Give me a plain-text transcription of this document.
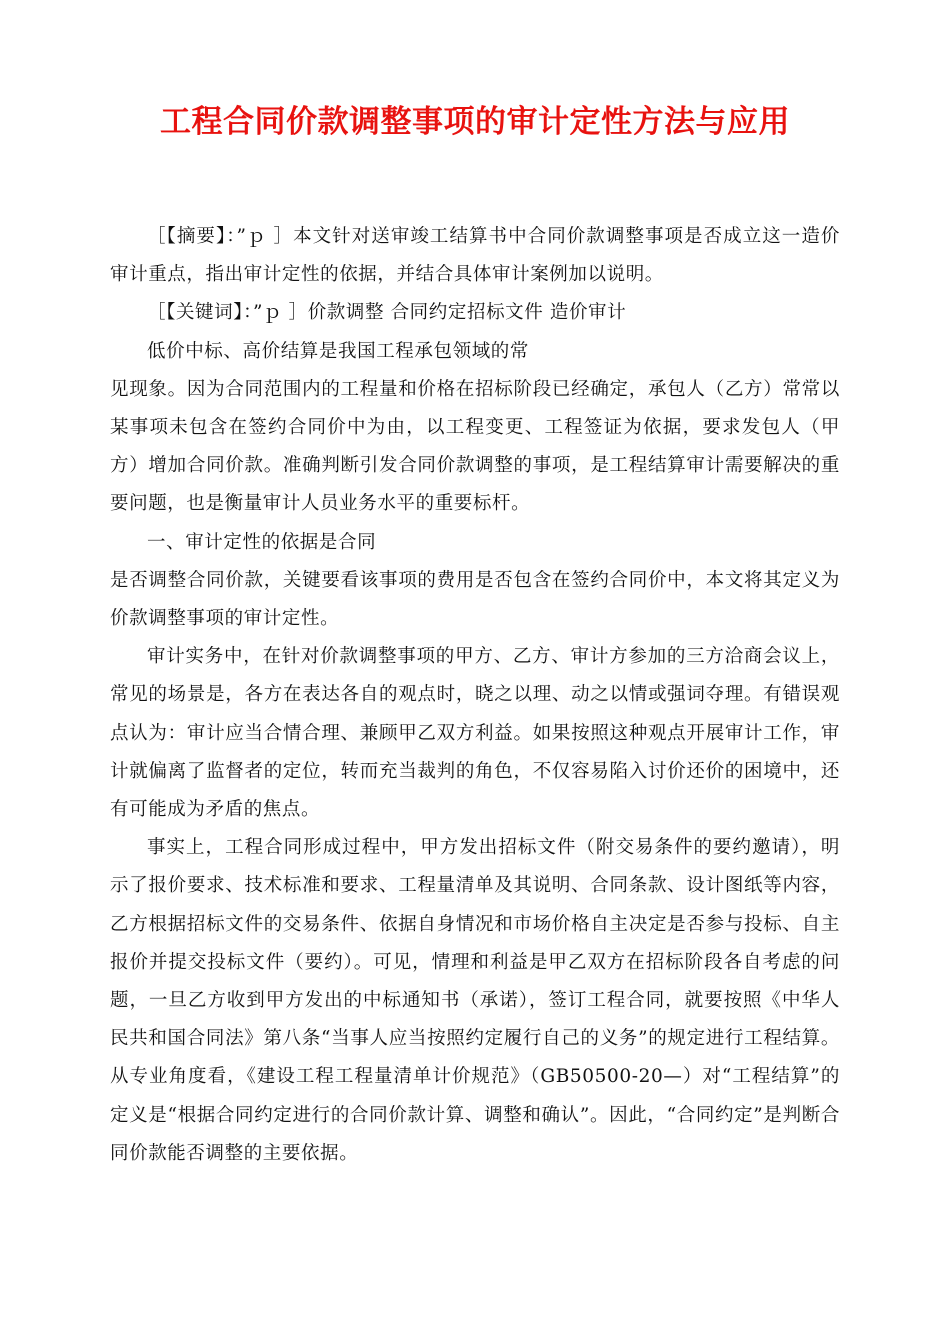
工程合同价款调整事项的审计定性方法与应用

［【摘要】：”ｐ ］本文针对送审竣工结算书中合同价款调整事项是否成立这一造价审计重点，指出审计定性的依据，并结合具体审计案例加以说明。

［【关键词】：”ｐ ］价款调整 合同约定招标文件 造价审计

低价中标、高价结算是我国工程承包领域的常

见现象。因为合同范围内的工程量和价格在招标阶段已经确定，承包人（乙方）常常以某事项未包含在签约合同价中为由，以工程变更、工程签证为依据，要求发包人（甲方）增加合同价款。准确判断引发合同价款调整的事项，是工程结算审计需要解决的重要问题，也是衡量审计人员业务水平的重要标杆。

一、审计定性的依据是合同

是否调整合同价款，关键要看该事项的费用是否包含在签约合同价中，本文将其定义为价款调整事项的审计定性。

审计实务中，在针对价款调整事项的甲方、乙方、审计方参加的三方洽商会议上，常见的场景是，各方在表达各自的观点时，晓之以理、动之以情或强词夺理。有错误观点认为：审计应当合情合理、兼顾甲乙双方利益。如果按照这种观点开展审计工作，审计就偏离了监督者的定位，转而充当裁判的角色，不仅容易陷入讨价还价的困境中，还有可能成为矛盾的焦点。

事实上，工程合同形成过程中，甲方发出招标文件（附交易条件的要约邀请），明示了报价要求、技术标准和要求、工程量清单及其说明、合同条款、设计图纸等内容，乙方根据招标文件的交易条件、依据自身情况和市场价格自主决定是否参与投标、自主报价并提交投标文件（要约）。可见，情理和利益是甲乙双方在招标阶段各自考虑的问题，一旦乙方收到甲方发出的中标通知书（承诺），签订工程合同，就要按照《中华人民共和国合同法》第八条“当事人应当按照约定履行自己的义务”的规定进行工程结算。从专业角度看，《建设工程工程量清单计价规范》（GB50500-20—）对“工程结算”的定义是“根据合同约定进行的合同价款计算、调整和确认”。因此，“合同约定”是判断合同价款能否调整的主要依据。
